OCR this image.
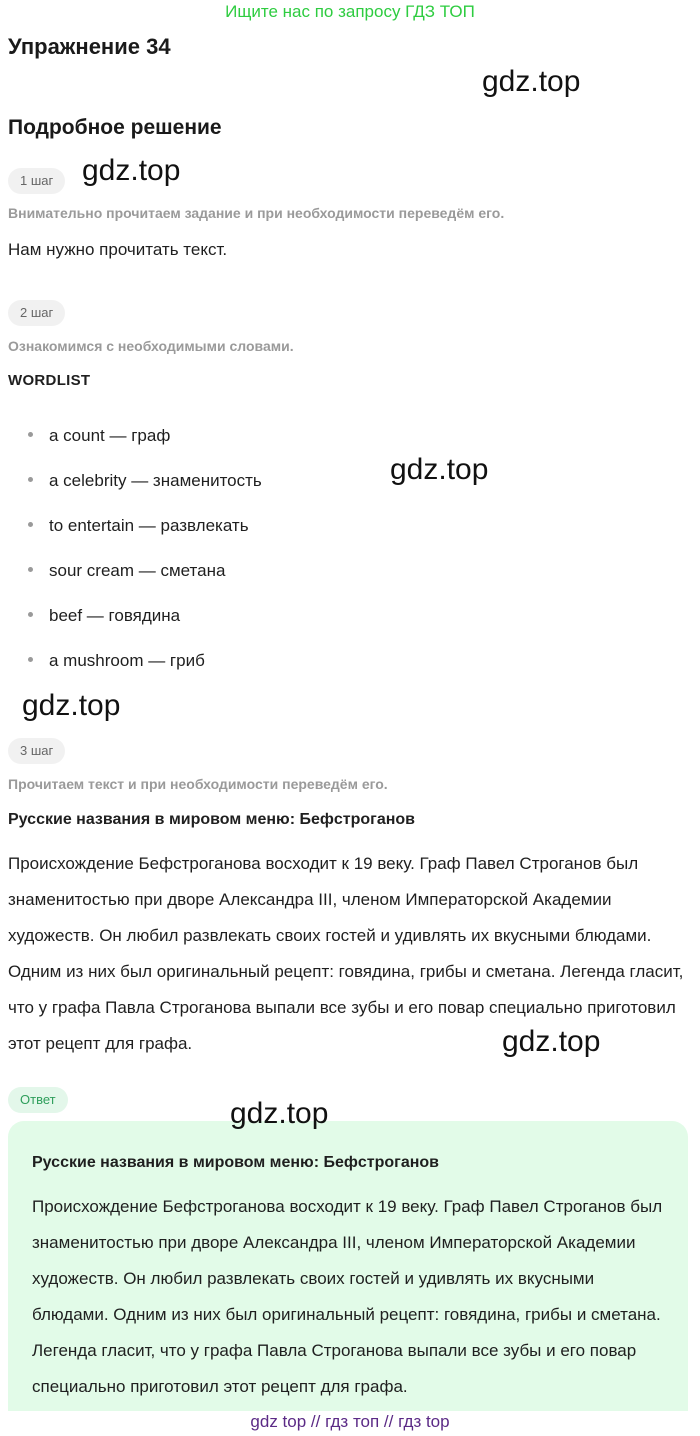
Ищите нас по запросу ГДЗ ТОП
Упражнение 34
gdz.top
Подробное решение
gdz.top
1 шаг
Внимательно прочитаем задание и при необходимости переведём его.
Нам нужно прочитать текст.
2 шаг
Ознакомимся с необходимыми словами.
WORDLIST
a count — граф
a celebrity — знаменитость
to entertain — развлекать
sour cream — сметана
beef — говядина
a mushroom — гриб
gdz.top
gdz.top
3 шаг
Прочитаем текст и при необходимости переведём его.
Русские названия в мировом меню: Бефстроганов
Происхождение Бефстроганова восходит к 19 веку. Граф Павел Строганов был знаменитостью при дворе Александра III, членом Императорской Академии художеств. Он любил развлекать своих гостей и удивлять их вкусными блюдами. Одним из них был оригинальный рецепт: говядина, грибы и сметана. Легенда гласит, что у графа Павла Строганова выпали все зубы и его повар специально приготовил этот рецепт для графа.	gdz.top
Ответ
Русские названия в мировом меню: Бефстроганов
Происхождение Бефстроганова восходит к 19 веку. Граф Павел Строганов был знаменитостью при дворе Александра III, членом Императорской Академии художеств. Он любил развлекать своих гостей и удивлять их вкусными блюдами. Одним из них был оригинальный рецепт: говядина, грибы и сметана. Легенда гласит, что у графа Павла Строганова выпали все зубы и его повар специально приготовил этот рецепт для графа.
gdz.top
gdz top // гдз топ // гдз top
